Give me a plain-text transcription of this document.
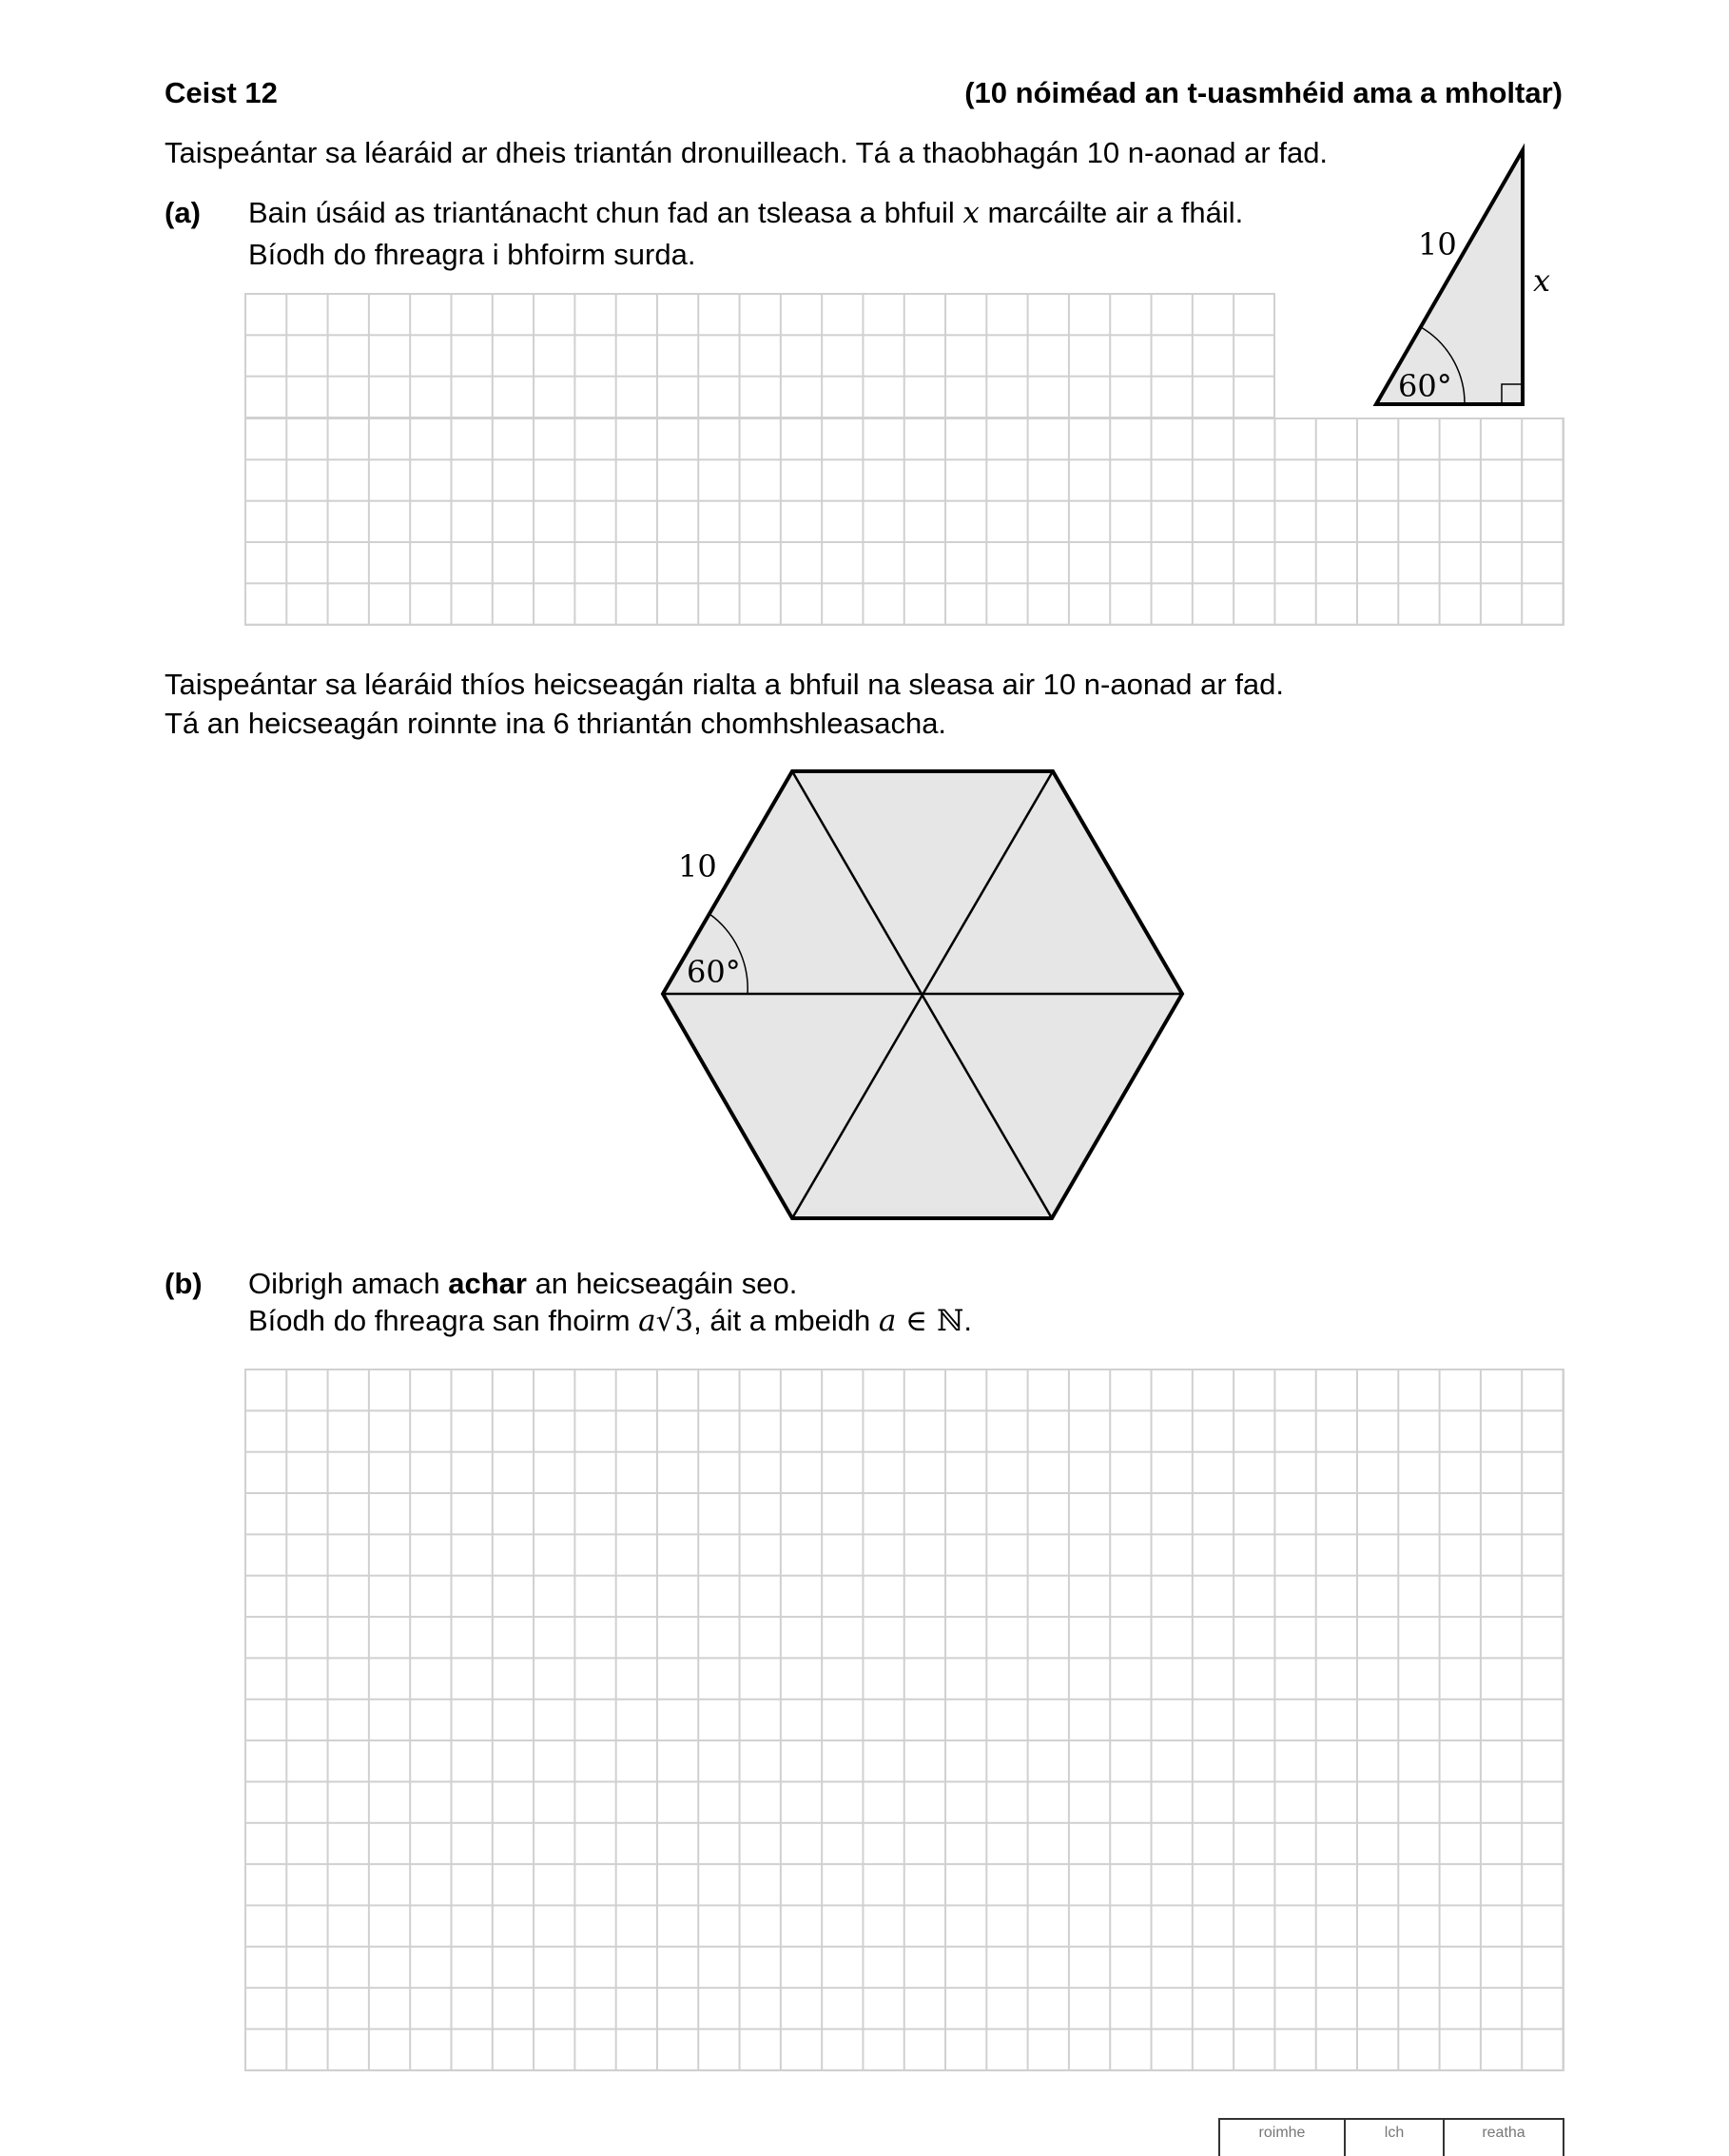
Ceist 12	(10 nóiméad an t-uasmhéid ama a mholtar)
Taispeántar sa léaráid ar dheis triantán dronuilleach. Tá a thaobhagán 10 n-aonad ar fad.
(a) Bain úsáid as triantánacht chun fad an tsleasa a bhfuil x marcáilte air a fháil.
Bíodh do fhreagra i bhfoirm surda.	10
x
60°
Taispeántar sa léaráid thíos heicseagán rialta a bhfuil na sleasa air 10 n-aonad ar fad.
Tá an heicseagán roinnte ina 6 thriantán chomhshleasacha.
10
60°
(b) Oibrigh amach achar an heicseagáin seo.
Bíodh do fhreagra san fhoirm a√3, áit a mbeidh a ∈ ℕ.
roimhe	lch	reatha
